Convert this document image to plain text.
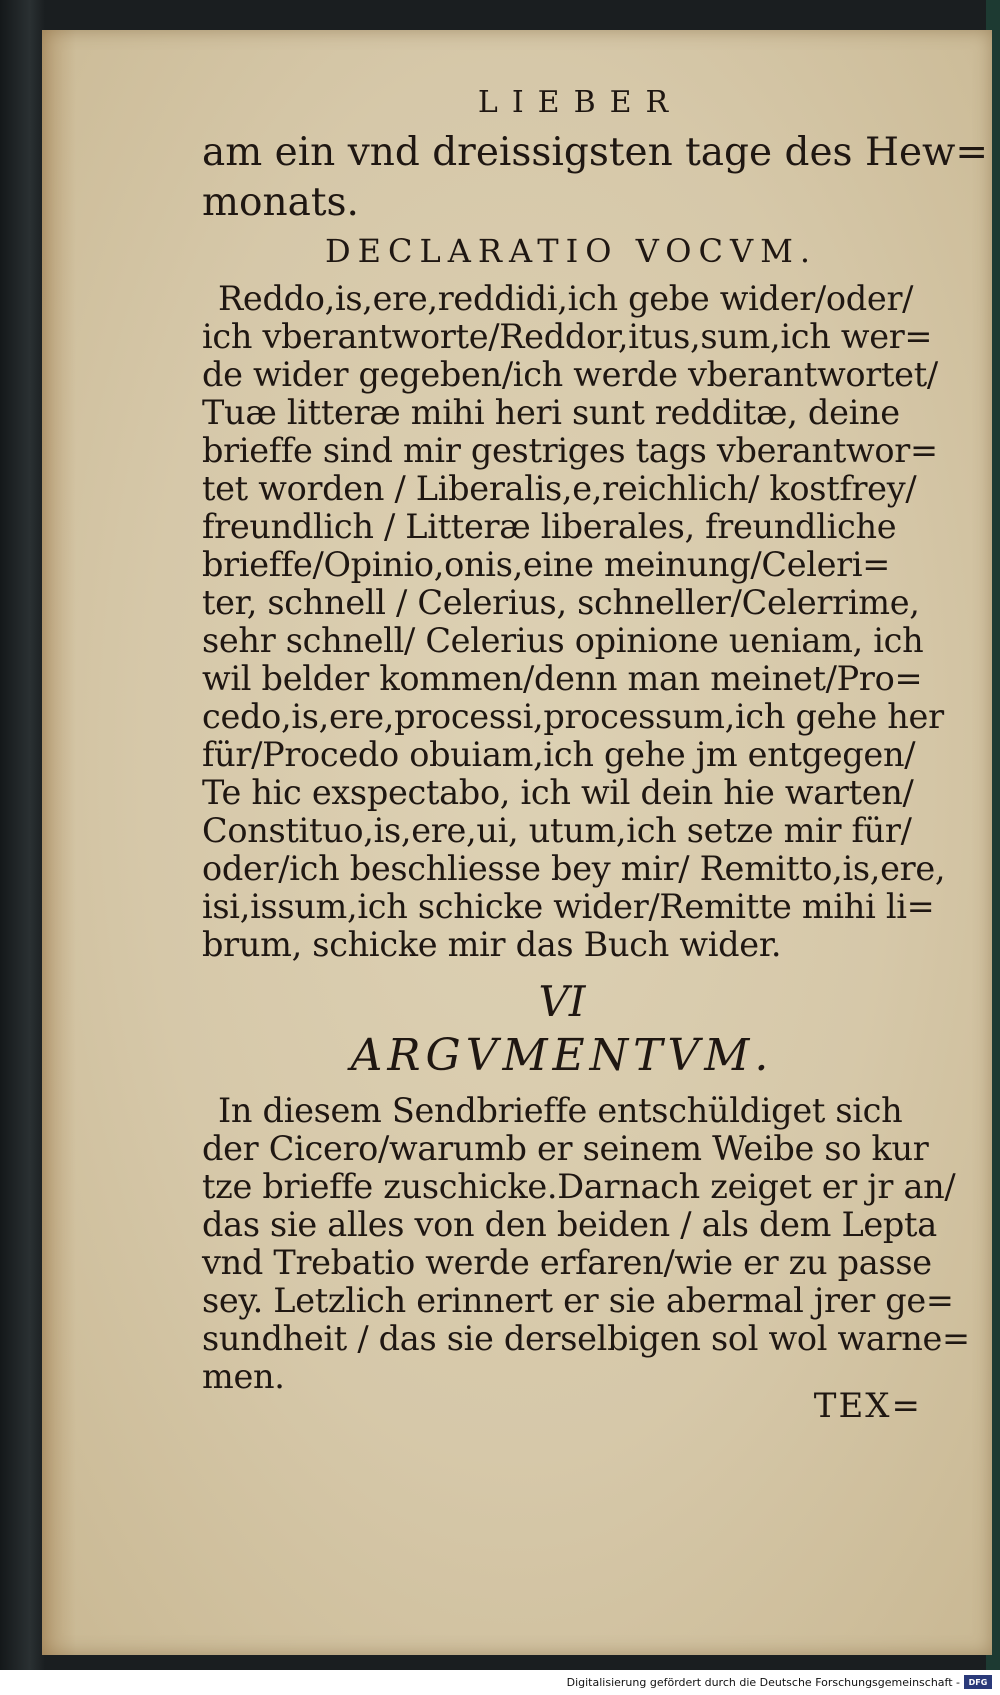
LIEBER
am ein vnd dreissigsten tage des Hew=
monats.
DECLARATIO VOCVM.
Reddo,is,ere,reddidi,ich gebe wider/oder/
ich vberantworte/Reddor,itus,sum,ich wer=
de wider gegeben/ich werde vberantwortet/
Tuæ litteræ mihi heri sunt redditæ, deine
brieffe sind mir gestriges tags vberantwor=
tet worden / Liberalis,e,reichlich/ kostfrey/
freundlich / Litteræ liberales, freundliche
brieffe/Opinio,onis,eine meinung/Celeri=
ter, schnell / Celerius, schneller/Celerrime,
sehr schnell/ Celerius opinione ueniam, ich
wil belder kommen/denn man meinet/Pro=
cedo,is,ere,processi,processum,ich gehe her
für/Procedo obuiam,ich gehe jm entgegen/
Te hic exspectabo, ich wil dein hie warten/
Constituo,is,ere,ui, utum,ich setze mir für/
oder/ich beschliesse bey mir/ Remitto,is,ere,
isi,issum,ich schicke wider/Remitte mihi li=
brum, schicke mir das Buch wider.
VI
ARGVMENTVM.
In diesem Sendbrieffe entschüldiget sich
der Cicero/warumb er seinem Weibe so kur
tze brieffe zuschicke.Darnach zeiget er jr an/
das sie alles von den beiden / als dem Lepta
vnd Trebatio werde erfaren/wie er zu passe
sey. Letzlich erinnert er sie abermal jrer ge=
sundheit / das sie derselbigen sol wol warne=
men.
TEX=
Digitalisierung gefördert durch die Deutsche Forschungsgemeinschaft -	DFG
